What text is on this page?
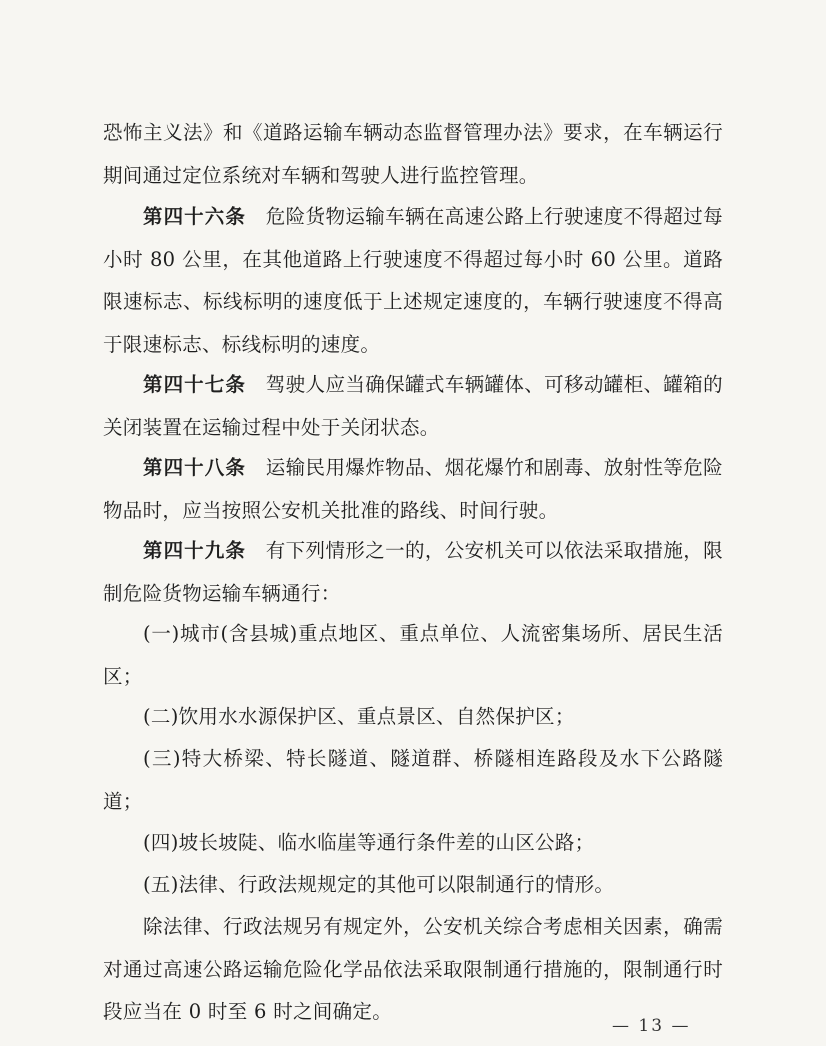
恐怖主义法》和《道路运输车辆动态监督管理办法》要求，在车辆运行期间通过定位系统对车辆和驾驶人进行监控管理。

第四十六条  危险货物运输车辆在高速公路上行驶速度不得超过每小时 80 公里，在其他道路上行驶速度不得超过每小时 60 公里。道路限速标志、标线标明的速度低于上述规定速度的，车辆行驶速度不得高于限速标志、标线标明的速度。

第四十七条  驾驶人应当确保罐式车辆罐体、可移动罐柜、罐箱的关闭装置在运输过程中处于关闭状态。

第四十八条  运输民用爆炸物品、烟花爆竹和剧毒、放射性等危险物品时，应当按照公安机关批准的路线、时间行驶。

第四十九条  有下列情形之一的，公安机关可以依法采取措施，限制危险货物运输车辆通行：

(一)城市(含县城)重点地区、重点单位、人流密集场所、居民生活区；

(二)饮用水水源保护区、重点景区、自然保护区；

(三)特大桥梁、特长隧道、隧道群、桥隧相连路段及水下公路隧道；

(四)坡长坡陡、临水临崖等通行条件差的山区公路；

(五)法律、行政法规规定的其他可以限制通行的情形。

除法律、行政法规另有规定外，公安机关综合考虑相关因素，确需对通过高速公路运输危险化学品依法采取限制通行措施的，限制通行时段应当在 0 时至 6 时之间确定。

— 13 —
